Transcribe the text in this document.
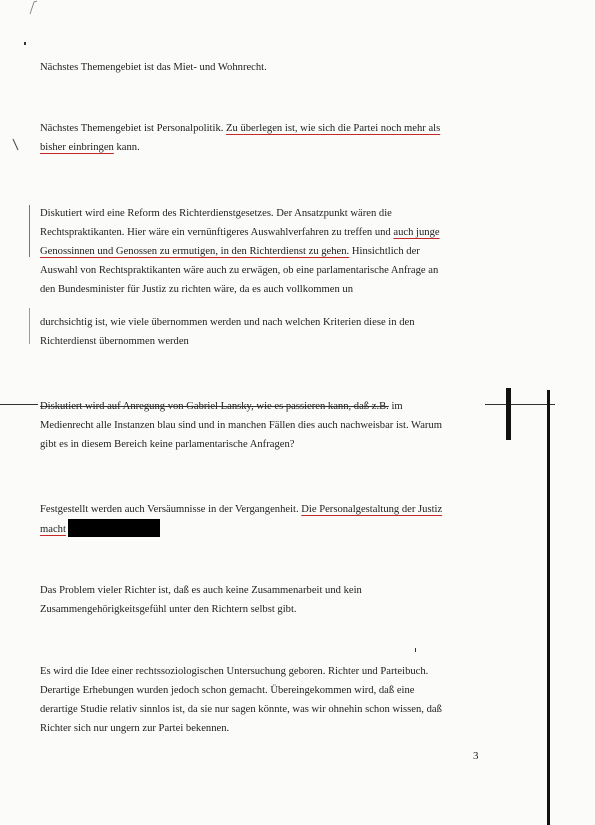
Nächstes Themengebiet ist das Miet- und Wohnrecht.
Nächstes Themengebiet ist Personalpolitik. Zu überlegen ist, wie sich die Partei noch mehr als
bisher einbringen kann.
Diskutiert wird eine Reform des Richterdienstgesetzes. Der Ansatzpunkt wären die
Rechtspraktikanten. Hier wäre ein vernünftigeres Auswahlverfahren zu treffen und auch junge
Genossinnen und Genossen zu ermutigen, in den Richterdienst zu gehen. Hinsichtlich der
Auswahl von Rechtspraktikanten wäre auch zu erwägen, ob eine parlamentarische Anfrage an
den Bundesminister für Justiz zu richten wäre, da es auch vollkommen un
durchsichtig ist, wie viele übernommen werden und nach welchen Kriterien diese in den
Richterdienst übernommen werden
Diskutiert wird auf Anregung von Gabriel Lansky, wie es passieren kann, daß z.B. im
Medienrecht alle Instanzen blau sind und in manchen Fällen dies auch nachweisbar ist. Warum
gibt es in diesem Bereich keine parlamentarische Anfragen?
Festgestellt werden auch Versäumnisse in der Vergangenheit. Die Personalgestaltung der Justiz
macht
Das Problem vieler Richter ist, daß es auch keine Zusammenarbeit und kein
Zusammengehörigkeitsgefühl unter den Richtern selbst gibt.
Es wird die Idee einer rechtssoziologischen Untersuchung geboren. Richter und Parteibuch.
Derartige Erhebungen wurden jedoch schon gemacht. Übereingekommen wird, daß eine
derartige Studie relativ sinnlos ist, da sie nur sagen könnte, was wir ohnehin schon wissen, daß
Richter sich nur ungern zur Partei bekennen.
3
